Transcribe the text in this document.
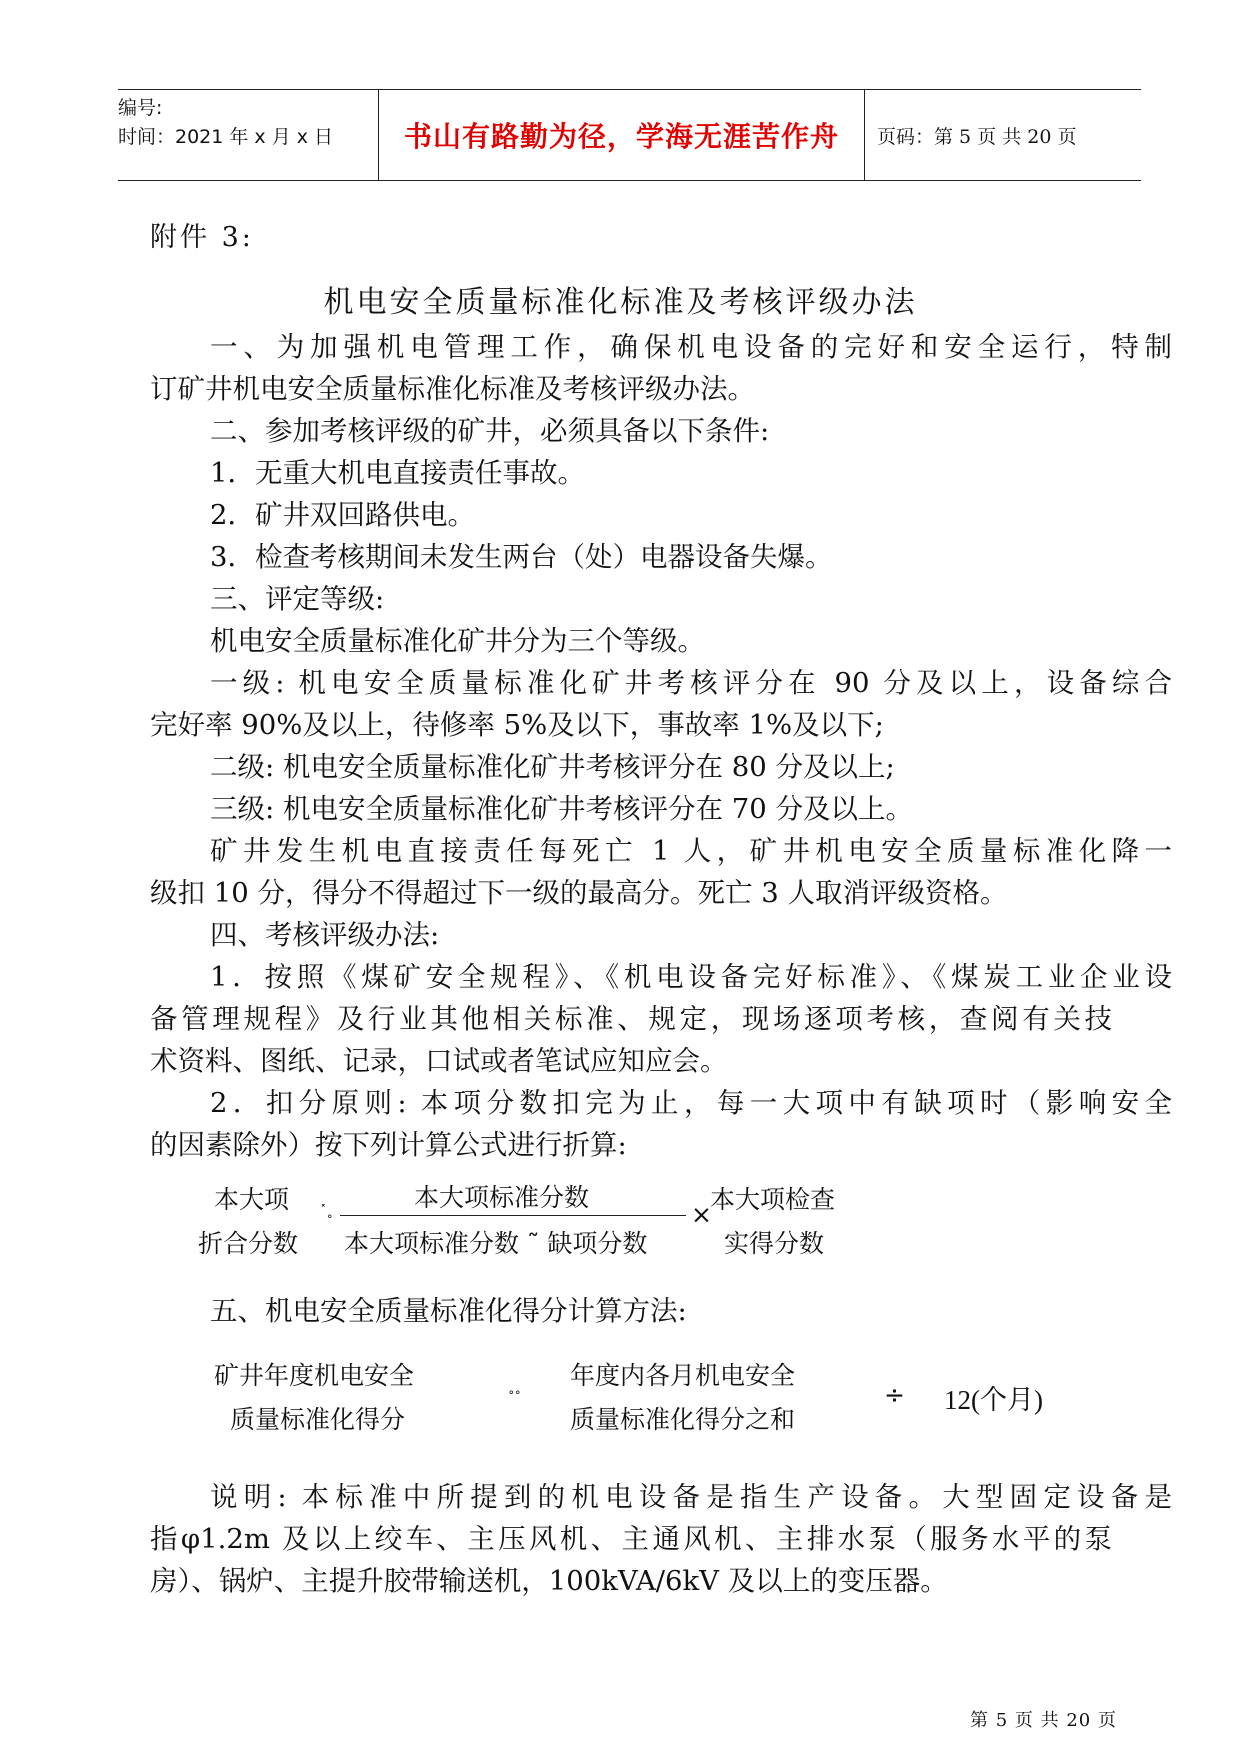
编号:
时间：2021 年 x 月 x 日	书山有路勤为径，学海无涯苦作舟	页码：第 5 页 共 20 页
附件 3:
机电安全质量标准化标准及考核评级办法
一、为加强机电管理工作，确保机电设备的完好和安全运行，特制
订矿井机电安全质量标准化标准及考核评级办法。
二、参加考核评级的矿井，必须具备以下条件:
1．无重大机电直接责任事故。
2．矿井双回路供电。
3．检查考核期间未发生两台（处）电器设备失爆。
三、评定等级:
机电安全质量标准化矿井分为三个等级。
一级: 机电安全质量标准化矿井考核评分在 90 分及以上，设备综合
完好率 90%及以上，待修率 5%及以下，事故率 1%及以下;
二级: 机电安全质量标准化矿井考核评分在 80 分及以上;
三级: 机电安全质量标准化矿井考核评分在 70 分及以上。
矿井发生机电直接责任每死亡 1 人，矿井机电安全质量标准化降一
级扣 10 分，得分不得超过下一级的最高分。死亡 3 人取消评级资格。
四、考核评级办法:
1．按照《煤矿安全规程》、《机电设备完好标准》、《煤炭工业企业设
备管理规程》及行业其他相关标准、规定，现场逐项考核，查阅有关技
术资料、图纸、记录，口试或者笔试应知应会。
2．扣分原则: 本项分数扣完为止，每一大项中有缺项时（影响安全
的因素除外）按下列计算公式进行折算:
本大项
折合分数
˟˳	本大项标准分数
本大项标准分数 ˜ 缺项分数
×
本大项检查
实得分数
五、机电安全质量标准化得分计算方法:
矿井年度机电安全
质量标准化得分
˳˳ 年度内各月机电安全
质量标准化得分之和
÷ 12(个月)
说明: 本标准中所提到的机电设备是指生产设备。大型固定设备是
指φ1.2m 及以上绞车、主压风机、主通风机、主排水泵（服务水平的泵
房）、锅炉、主提升胶带输送机，100kVA/6kV 及以上的变压器。
第 5 页 共 20 页
